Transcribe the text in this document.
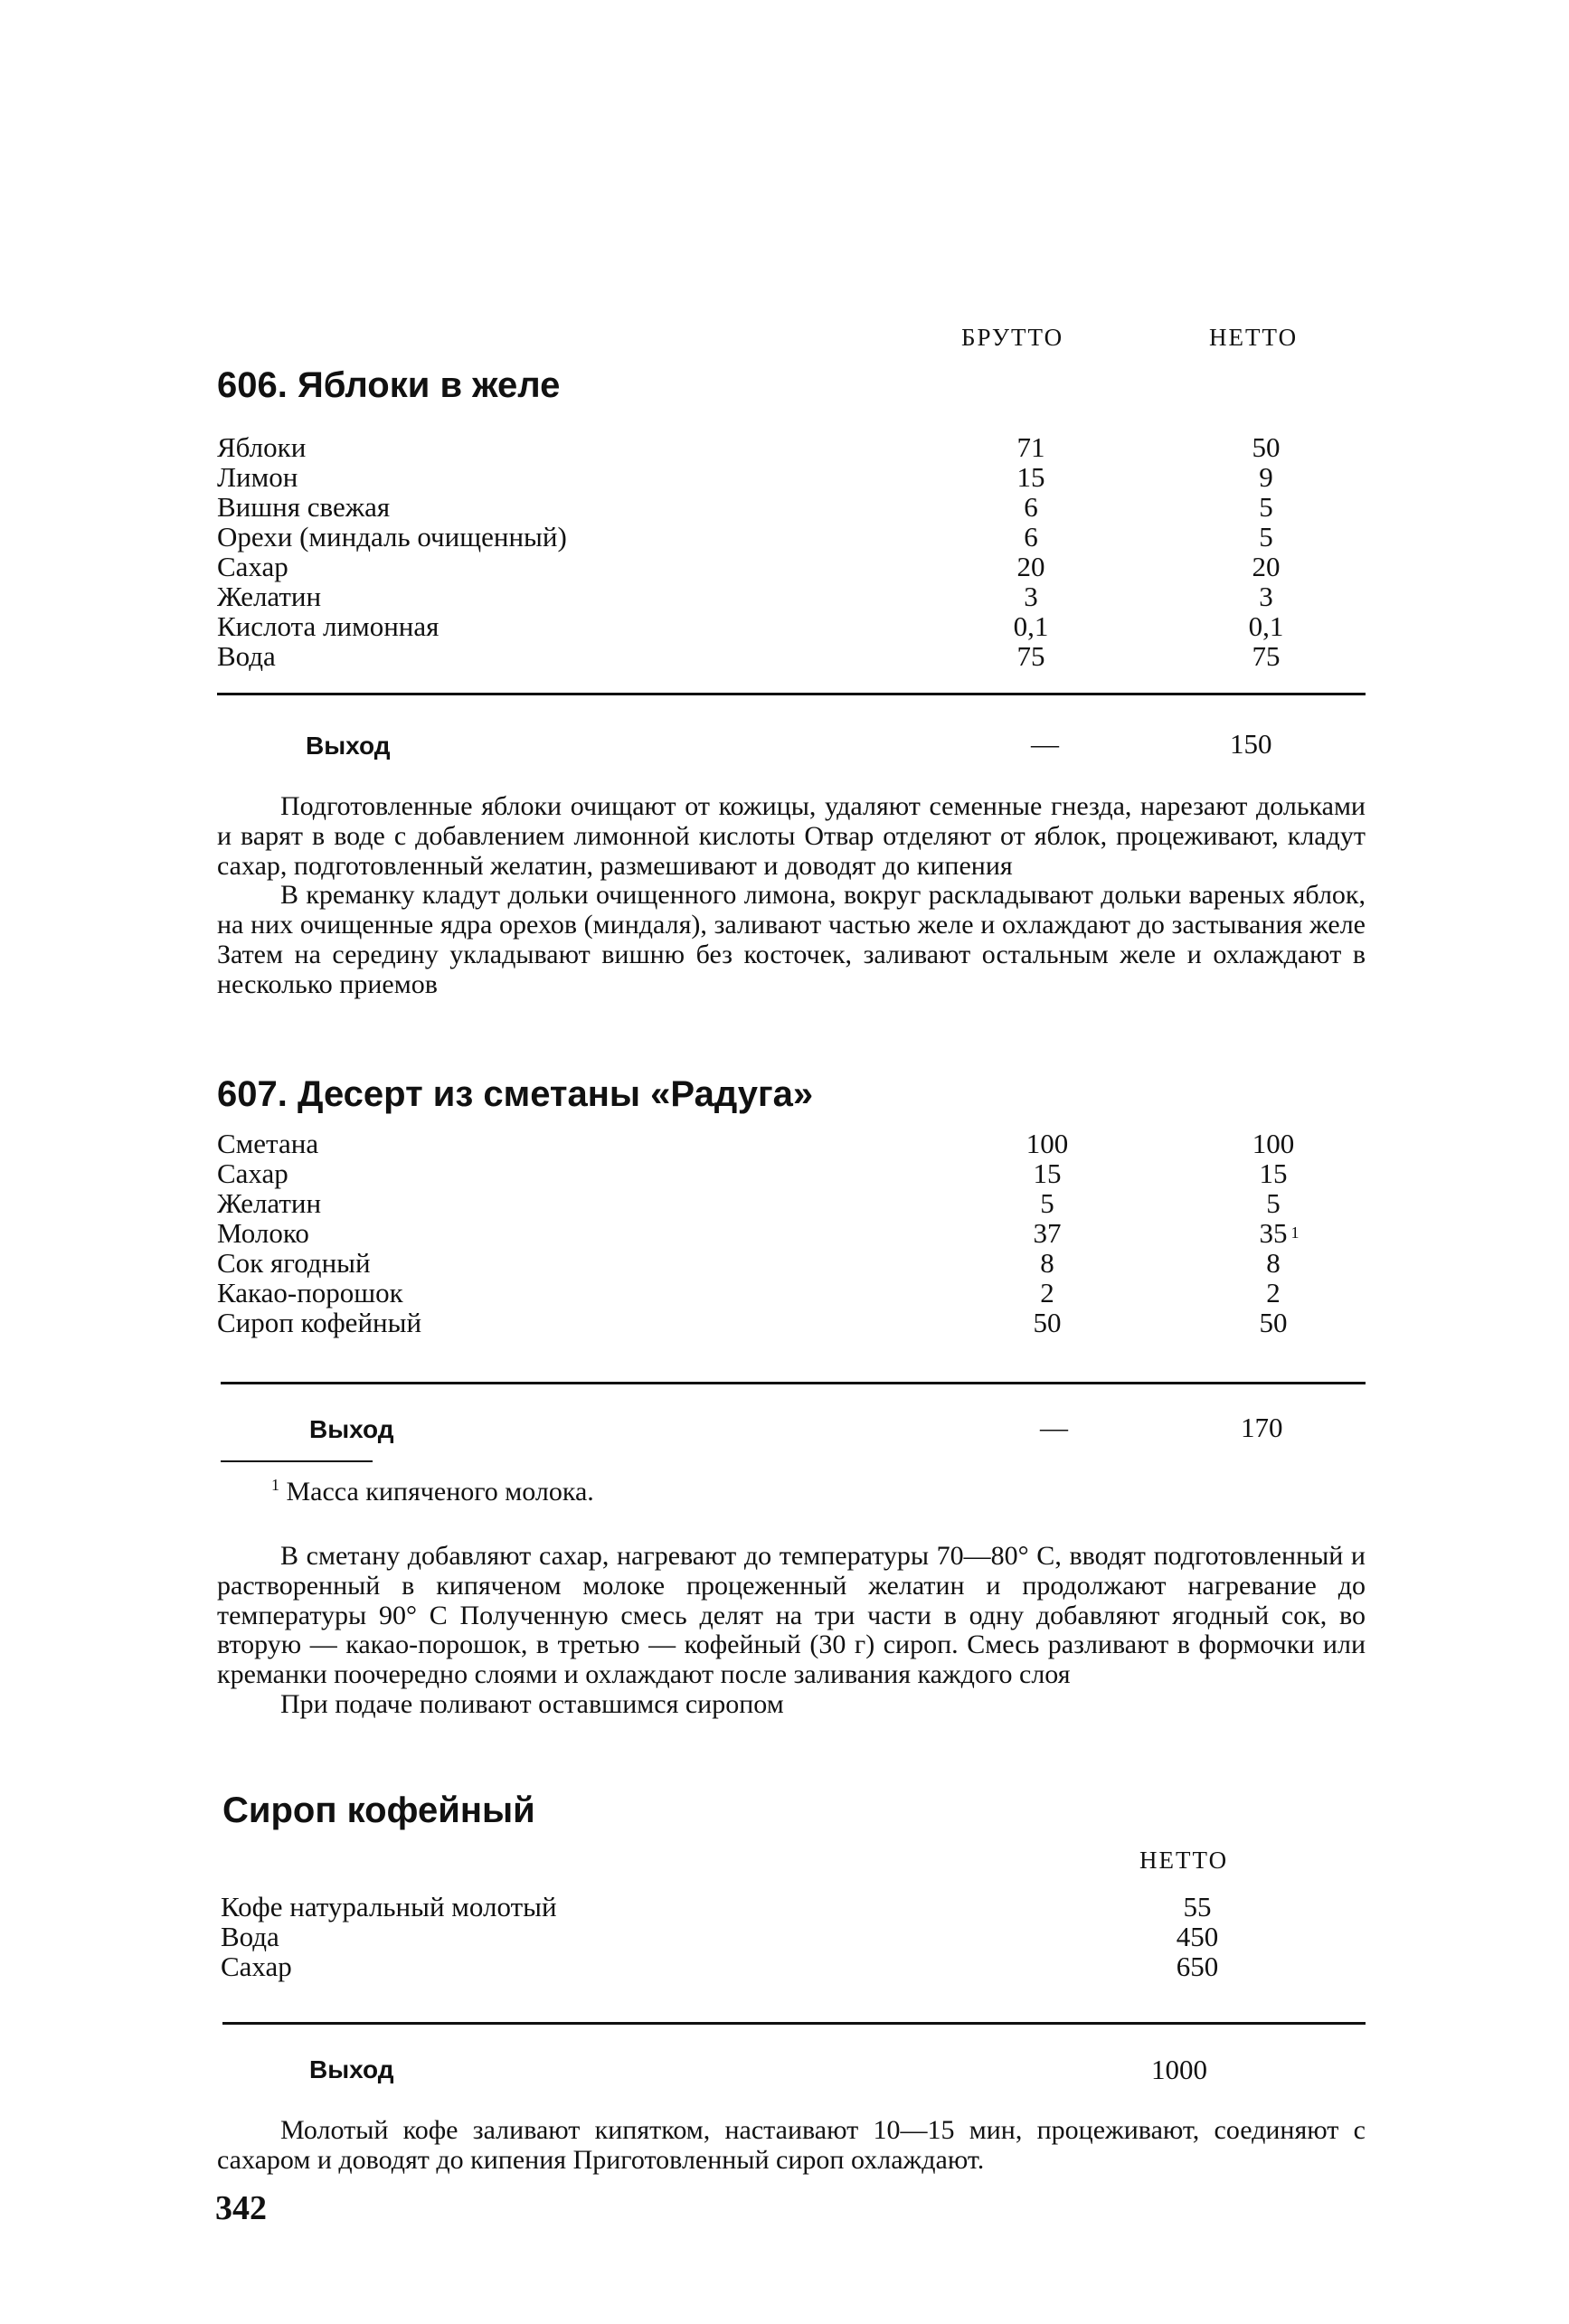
БРУТТО	НЕТТО
606. Яблоки в желе
Яблоки	71	50
Лимон	15	9
Вишня свежая	6	5
Орехи (миндаль очищенный)	6	5
Сахар	20	20
Желатин	3	3
Кислота лимонная	0,1	0,1
Вода	75	75
Выход	—	150

Подготовленные яблоки очищают от кожицы, удаляют семенные гнезда, нарезают дольками и варят в воде с добавлением лимонной кислоты Отвар отделяют от яблок, процеживают, кладут сахар, подготовленный желатин, размешивают и доводят до кипения

В креманку кладут дольки очищенного лимона, вокруг раскладывают дольки вареных яблок, на них очищенные ядра орехов (миндаля), заливают частью желе и охлаждают до застывания желе Затем на середину укладывают вишню без косточек, заливают остальным желе и охлаждают в несколько приемов

607. Десерт из сметаны «Радуга»
Сметана	100	100
Сахар	15	15
Желатин	5	5
Молоко	37	35 1
Сок ягодный	8	8
Какао-порошок	2	2
Сироп кофейный	50	50
Выход	—	170
$^1$ Масса кипяченого молока.

В сметану добавляют сахар, нагревают до температуры 70—80° С, вводят подготовленный и растворенный в кипяченом молоке процеженный желатин и продолжают нагревание до температуры 90° С Полученную смесь делят на три части в одну добавляют ягодный сок, во вторую — какао-порошок, в третью — кофейный (30 г) сироп. Смесь разливают в формочки или креманки поочередно слоями и охлаждают после заливания каждого слоя

При подаче поливают оставшимся сиропом

Сироп кофейный
НЕТТО
Кофе натуральный молотый	55
Вода	450
Сахар	650
Выход	1000

Молотый кофе заливают кипятком, настаивают 10—15 мин, процеживают, соединяют с сахаром и доводят до кипения Приготовленный сироп охлаждают.

342
